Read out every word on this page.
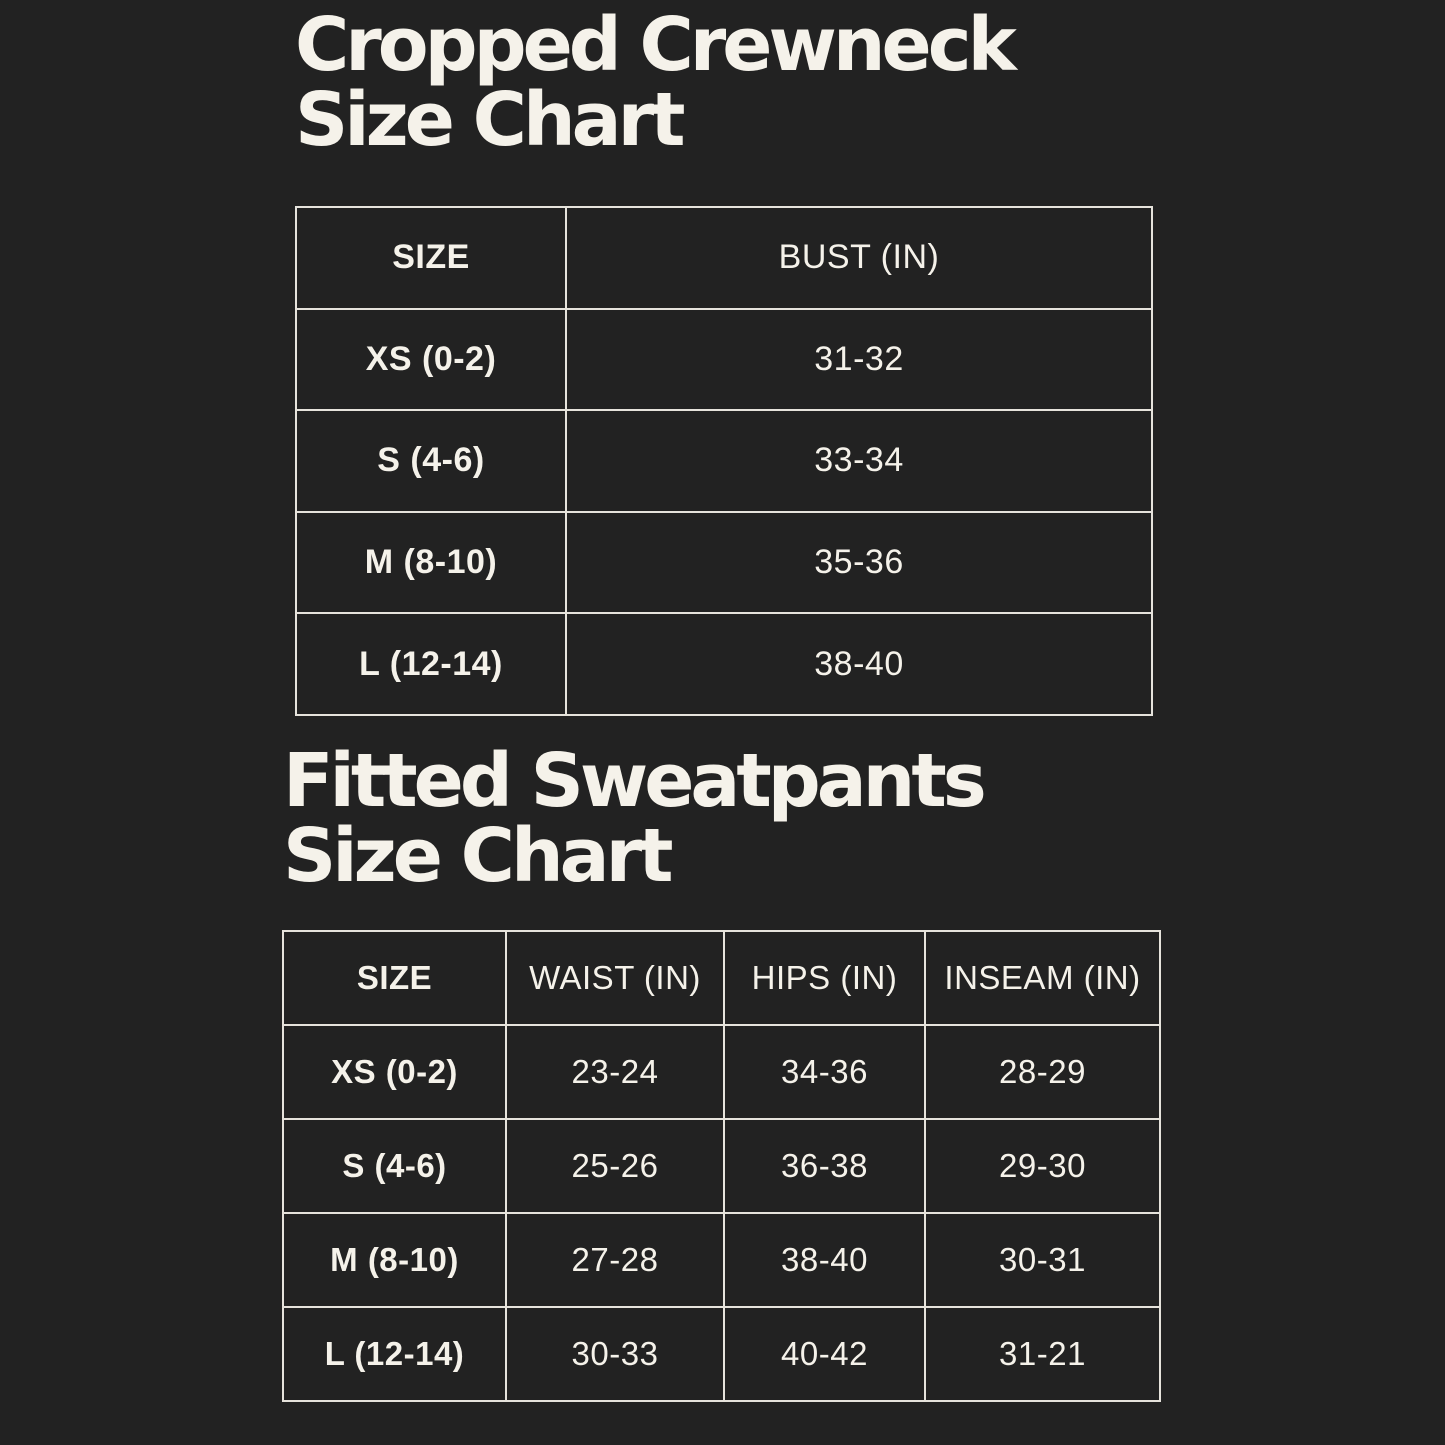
Cropped Crewneck
Size Chart
SIZE	BUST (IN)
XS (0-2)	31-32
S (4-6)	33-34
M (8-10)	35-36
L (12-14)	38-40
Fitted Sweatpants
Size Chart
SIZE	WAIST (IN)	HIPS (IN)	INSEAM (IN)
XS (0-2)	23-24	34-36	28-29
S (4-6)	25-26	36-38	29-30
M (8-10)	27-28	38-40	30-31
L (12-14)	30-33	40-42	31-21
